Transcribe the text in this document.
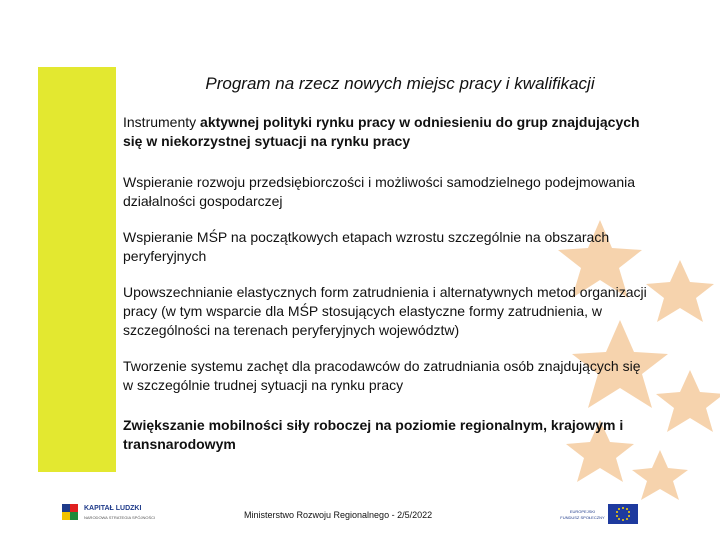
Program na rzecz nowych miejsc pracy i kwalifikacji

Instrumenty aktywnej polityki rynku pracy w odniesieniu do grup znajdujących się w niekorzystnej sytuacji na rynku pracy

Wspieranie rozwoju przedsiębiorczości i możliwości samodzielnego podejmowania działalności gospodarczej

Wspieranie MŚP na początkowych etapach wzrostu szczególnie na obszarach peryferyjnych

Upowszechnianie elastycznych form zatrudnienia i alternatywnych metod organizacji pracy (w tym wsparcie dla MŚP stosujących elastyczne formy zatrudnienia, w szczególności na terenach peryferyjnych województw)

Tworzenie systemu zachęt dla pracodawców do zatrudniania osób znajdujących się w szczególnie trudnej sytuacji na rynku pracy

Zwiększanie mobilności siły roboczej na poziomie regionalnym, krajowym i transnarodowym

KAPITAŁ LUDZKI
NARODOWA STRATEGIA SPÓJNOŚCI	Ministerstwo Rozwoju Regionalnego - 2/5/2022	EUROPEJSKI
FUNDUSZ SPOŁECZNY
